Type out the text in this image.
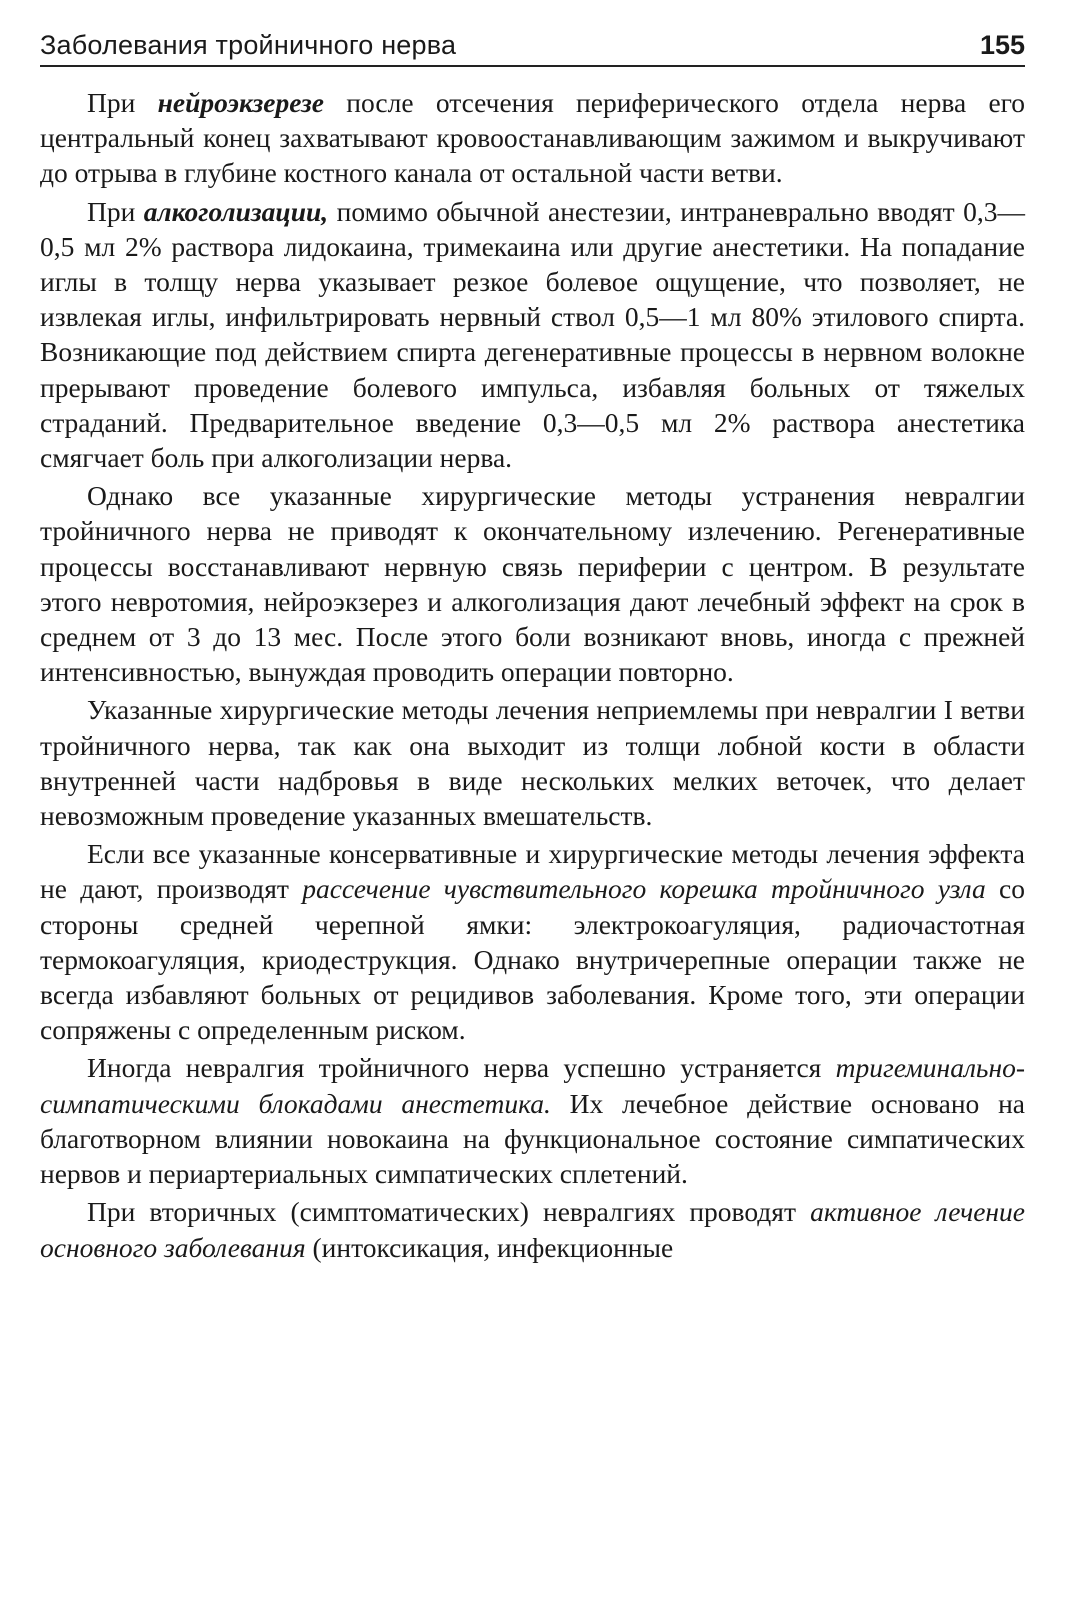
Заболевания тройничного нерва	155

При нейроэкзерезе после отсечения периферического отдела нерва его центральный конец захватывают кровоостанавливающим зажимом и выкручивают до отрыва в глубине костного канала от остальной части ветви.

При алкоголизации, помимо обычной анестезии, интраневрально вводят 0,3—0,5 мл 2% раствора лидокаина, тримекаина или другие анестетики. На попадание иглы в толщу нерва указывает резкое болевое ощущение, что позволяет, не извлекая иглы, инфильтрировать нервный ствол 0,5—1 мл 80% этилового спирта. Возникающие под действием спирта дегенеративные процессы в нервном волокне прерывают проведение болевого импульса, избавляя больных от тяжелых страданий. Предварительное введение 0,3—0,5 мл 2% раствора анестетика смягчает боль при алкоголизации нерва.

Однако все указанные хирургические методы устранения невралгии тройничного нерва не приводят к окончательному излечению. Регенеративные процессы восстанавливают нервную связь периферии с центром. В результате этого невротомия, нейроэкзерез и алкоголизация дают лечебный эффект на срок в среднем от 3 до 13 мес. После этого боли возникают вновь, иногда с прежней интенсивностью, вынуждая проводить операции повторно.

Указанные хирургические методы лечения неприемлемы при невралгии I ветви тройничного нерва, так как она выходит из толщи лобной кости в области внутренней части надбровья в виде нескольких мелких веточек, что делает невозможным проведение указанных вмешательств.

Если все указанные консервативные и хирургические методы лечения эффекта не дают, производят рассечение чувствительного корешка тройничного узла со стороны средней черепной ямки: электрокоагуляция, радиочастотная термокоагуляция, криодеструкция. Однако внутричерепные операции также не всегда избавляют больных от рецидивов заболевания. Кроме того, эти операции сопряжены с определенным риском.

Иногда невралгия тройничного нерва успешно устраняется тригеминально-симпатическими блокадами анестетика. Их лечебное действие основано на благотворном влиянии новокаина на функциональное состояние симпатических нервов и периартериальных симпатических сплетений.

При вторичных (симптоматических) невралгиях проводят активное лечение основного заболевания (интоксикация, инфекционные
